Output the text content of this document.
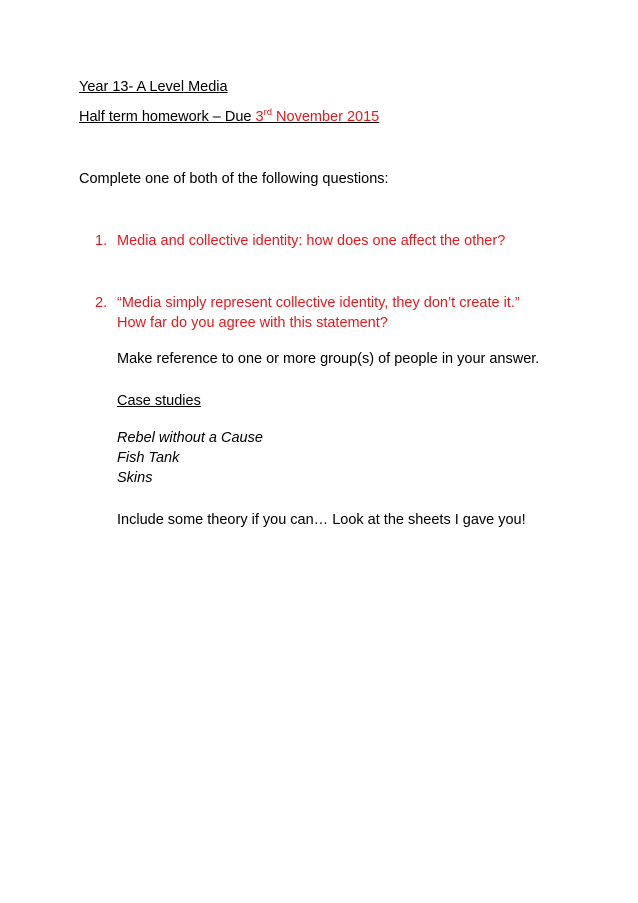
Year 13- A Level Media
Half term homework – Due 3rd November 2015
Complete one of both of the following questions:
1. Media and collective identity: how does one affect the other?
2. “Media simply represent collective identity, they don’t create it.”
How far do you agree with this statement?
Make reference to one or more group(s) of people in your answer.
Case studies
Rebel without a Cause
Fish Tank
Skins
Include some theory if you can… Look at the sheets I gave you!
